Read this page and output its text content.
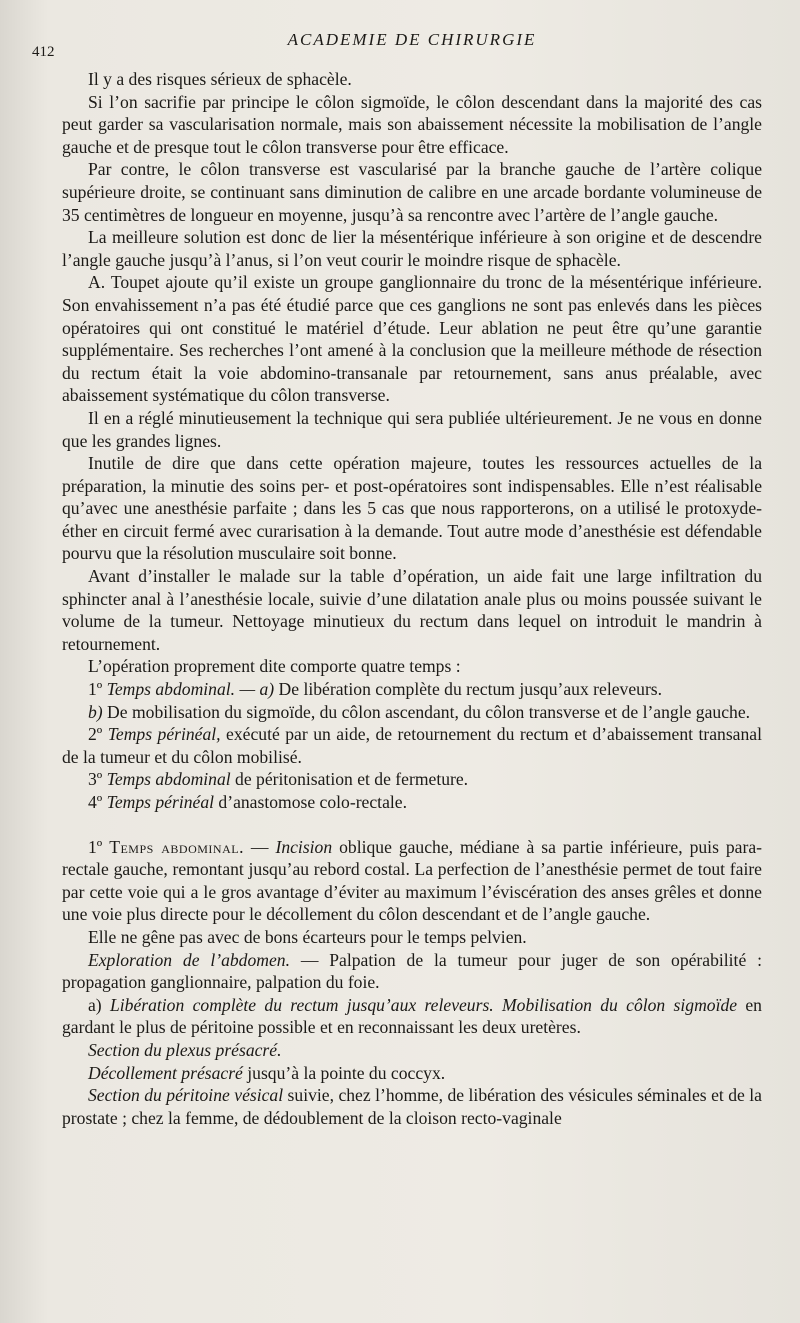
412
ACADEMIE DE CHIRURGIE

Il y a des risques sérieux de sphacèle.

Si l’on sacrifie par principe le côlon sigmoïde, le côlon descendant dans la majorité des cas peut garder sa vascularisation normale, mais son abaissement nécessite la mobilisation de l’angle gauche et de presque tout le côlon transverse pour être efficace.

Par contre, le côlon transverse est vascularisé par la branche gauche de l’artère colique supérieure droite, se continuant sans diminution de calibre en une arcade bordante volumineuse de 35 centimètres de longueur en moyenne, jusqu’à sa rencontre avec l’artère de l’angle gauche.

La meilleure solution est donc de lier la mésentérique inférieure à son origine et de descendre l’angle gauche jusqu’à l’anus, si l’on veut courir le moindre risque de sphacèle.

A. Toupet ajoute qu’il existe un groupe ganglionnaire du tronc de la mésentérique inférieure. Son envahissement n’a pas été étudié parce que ces ganglions ne sont pas enlevés dans les pièces opératoires qui ont constitué le matériel d’étude. Leur ablation ne peut être qu’une garantie supplémentaire. Ses recherches l’ont amené à la conclusion que la meilleure méthode de résection du rectum était la voie abdomino-transanale par retournement, sans anus préalable, avec abaissement systématique du côlon transverse.

Il en a réglé minutieusement la technique qui sera publiée ultérieurement. Je ne vous en donne que les grandes lignes.

Inutile de dire que dans cette opération majeure, toutes les ressources actuelles de la préparation, la minutie des soins per- et post-opératoires sont indispensables. Elle n’est réalisable qu’avec une anesthésie parfaite ; dans les 5 cas que nous rapporterons, on a utilisé le protoxyde-éther en circuit fermé avec curarisation à la demande. Tout autre mode d’anesthésie est défendable pourvu que la résolution musculaire soit bonne.

Avant d’installer le malade sur la table d’opération, un aide fait une large infiltration du sphincter anal à l’anesthésie locale, suivie d’une dilatation anale plus ou moins poussée suivant le volume de la tumeur. Nettoyage minutieux du rectum dans lequel on introduit le mandrin à retournement.

L’opération proprement dite comporte quatre temps :

1º Temps abdominal. — a) De libération complète du rectum jusqu’aux releveurs.

b) De mobilisation du sigmoïde, du côlon ascendant, du côlon transverse et de l’angle gauche.

2º Temps périnéal, exécuté par un aide, de retournement du rectum et d’abaissement transanal de la tumeur et du côlon mobilisé.

3º Temps abdominal de péritonisation et de fermeture.

4º Temps périnéal d’anastomose colo-rectale.

1º Temps abdominal. — Incision oblique gauche, médiane à sa partie inférieure, puis para-rectale gauche, remontant jusqu’au rebord costal. La perfection de l’anesthésie permet de tout faire par cette voie qui a le gros avantage d’éviter au maximum l’éviscération des anses grêles et donne une voie plus directe pour le décollement du côlon descendant et de l’angle gauche.

Elle ne gêne pas avec de bons écarteurs pour le temps pelvien.

Exploration de l’abdomen. — Palpation de la tumeur pour juger de son opérabilité : propagation ganglionnaire, palpation du foie.

a) Libération complète du rectum jusqu’aux releveurs. Mobilisation du côlon sigmoïde en gardant le plus de péritoine possible et en reconnaissant les deux uretères.

Section du plexus présacré.

Décollement présacré jusqu’à la pointe du coccyx.

Section du péritoine vésical suivie, chez l’homme, de libération des vésicules séminales et de la prostate ; chez la femme, de dédoublement de la cloison recto-vaginale
